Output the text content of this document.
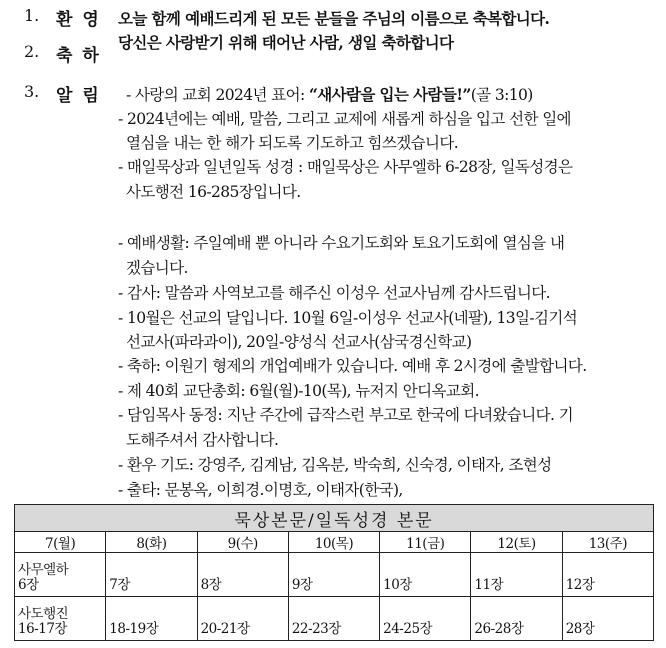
1. 환 영
2. 축 하
3. 알 림
오늘 함께 예배드리게 된 모든 분들을 주님의 이름으로 축복합니다.
당신은 사랑받기 위해 태어난 사람, 생일 축하합니다
- 사랑의 교회 2024년 표어: “새사람을 입는 사람들!”(골 3:10)
- 2024년에는 예배, 말씀, 그리고 교제에 새롭게 하심을 입고 선한 일에
열심을 내는 한 해가 되도록 기도하고 힘쓰겠습니다.
- 매일묵상과 일년일독 성경 : 매일묵상은 사무엘하 6-28장, 일독성경은
사도행전 16-285장입니다.
- 예배생활: 주일예배 뿐 아니라 수요기도회와 토요기도회에 열심을 내
겠습니다.
- 감사: 말씀과 사역보고를 해주신 이성우 선교사님께 감사드립니다.
- 10월은 선교의 달입니다. 10월 6일-이성우 선교사(네팔), 13일-김기석
선교사(파라과이), 20일-양성식 선교사(삼국경신학교)
- 축하: 이원기 형제의 개업예배가 있습니다. 예배 후 2시경에 출발합니다.
- 제 40회 교단총회: 6월(월)-10(목), 뉴저지 안디옥교회.
- 담임목사 동정: 지난 주간에 급작스런 부고로 한국에 다녀왔습니다. 기
도해주셔서 감사합니다.
- 환우 기도: 강영주, 김계남, 김옥분, 박숙희, 신숙경, 이태자, 조현성
- 출타: 문봉옥, 이희경.이명호, 이태자(한국),
묵상본문/일독성경 본문						
7(월)	8(화)	9(수)	10(목)	11(금)	12(토)	13(주)

사무엘하
6장	7장	8장	9장	10장	11장	12장

사도행진
16-17장	18-19장	20-21장	22-23장	24-25장	26-28장	28장
